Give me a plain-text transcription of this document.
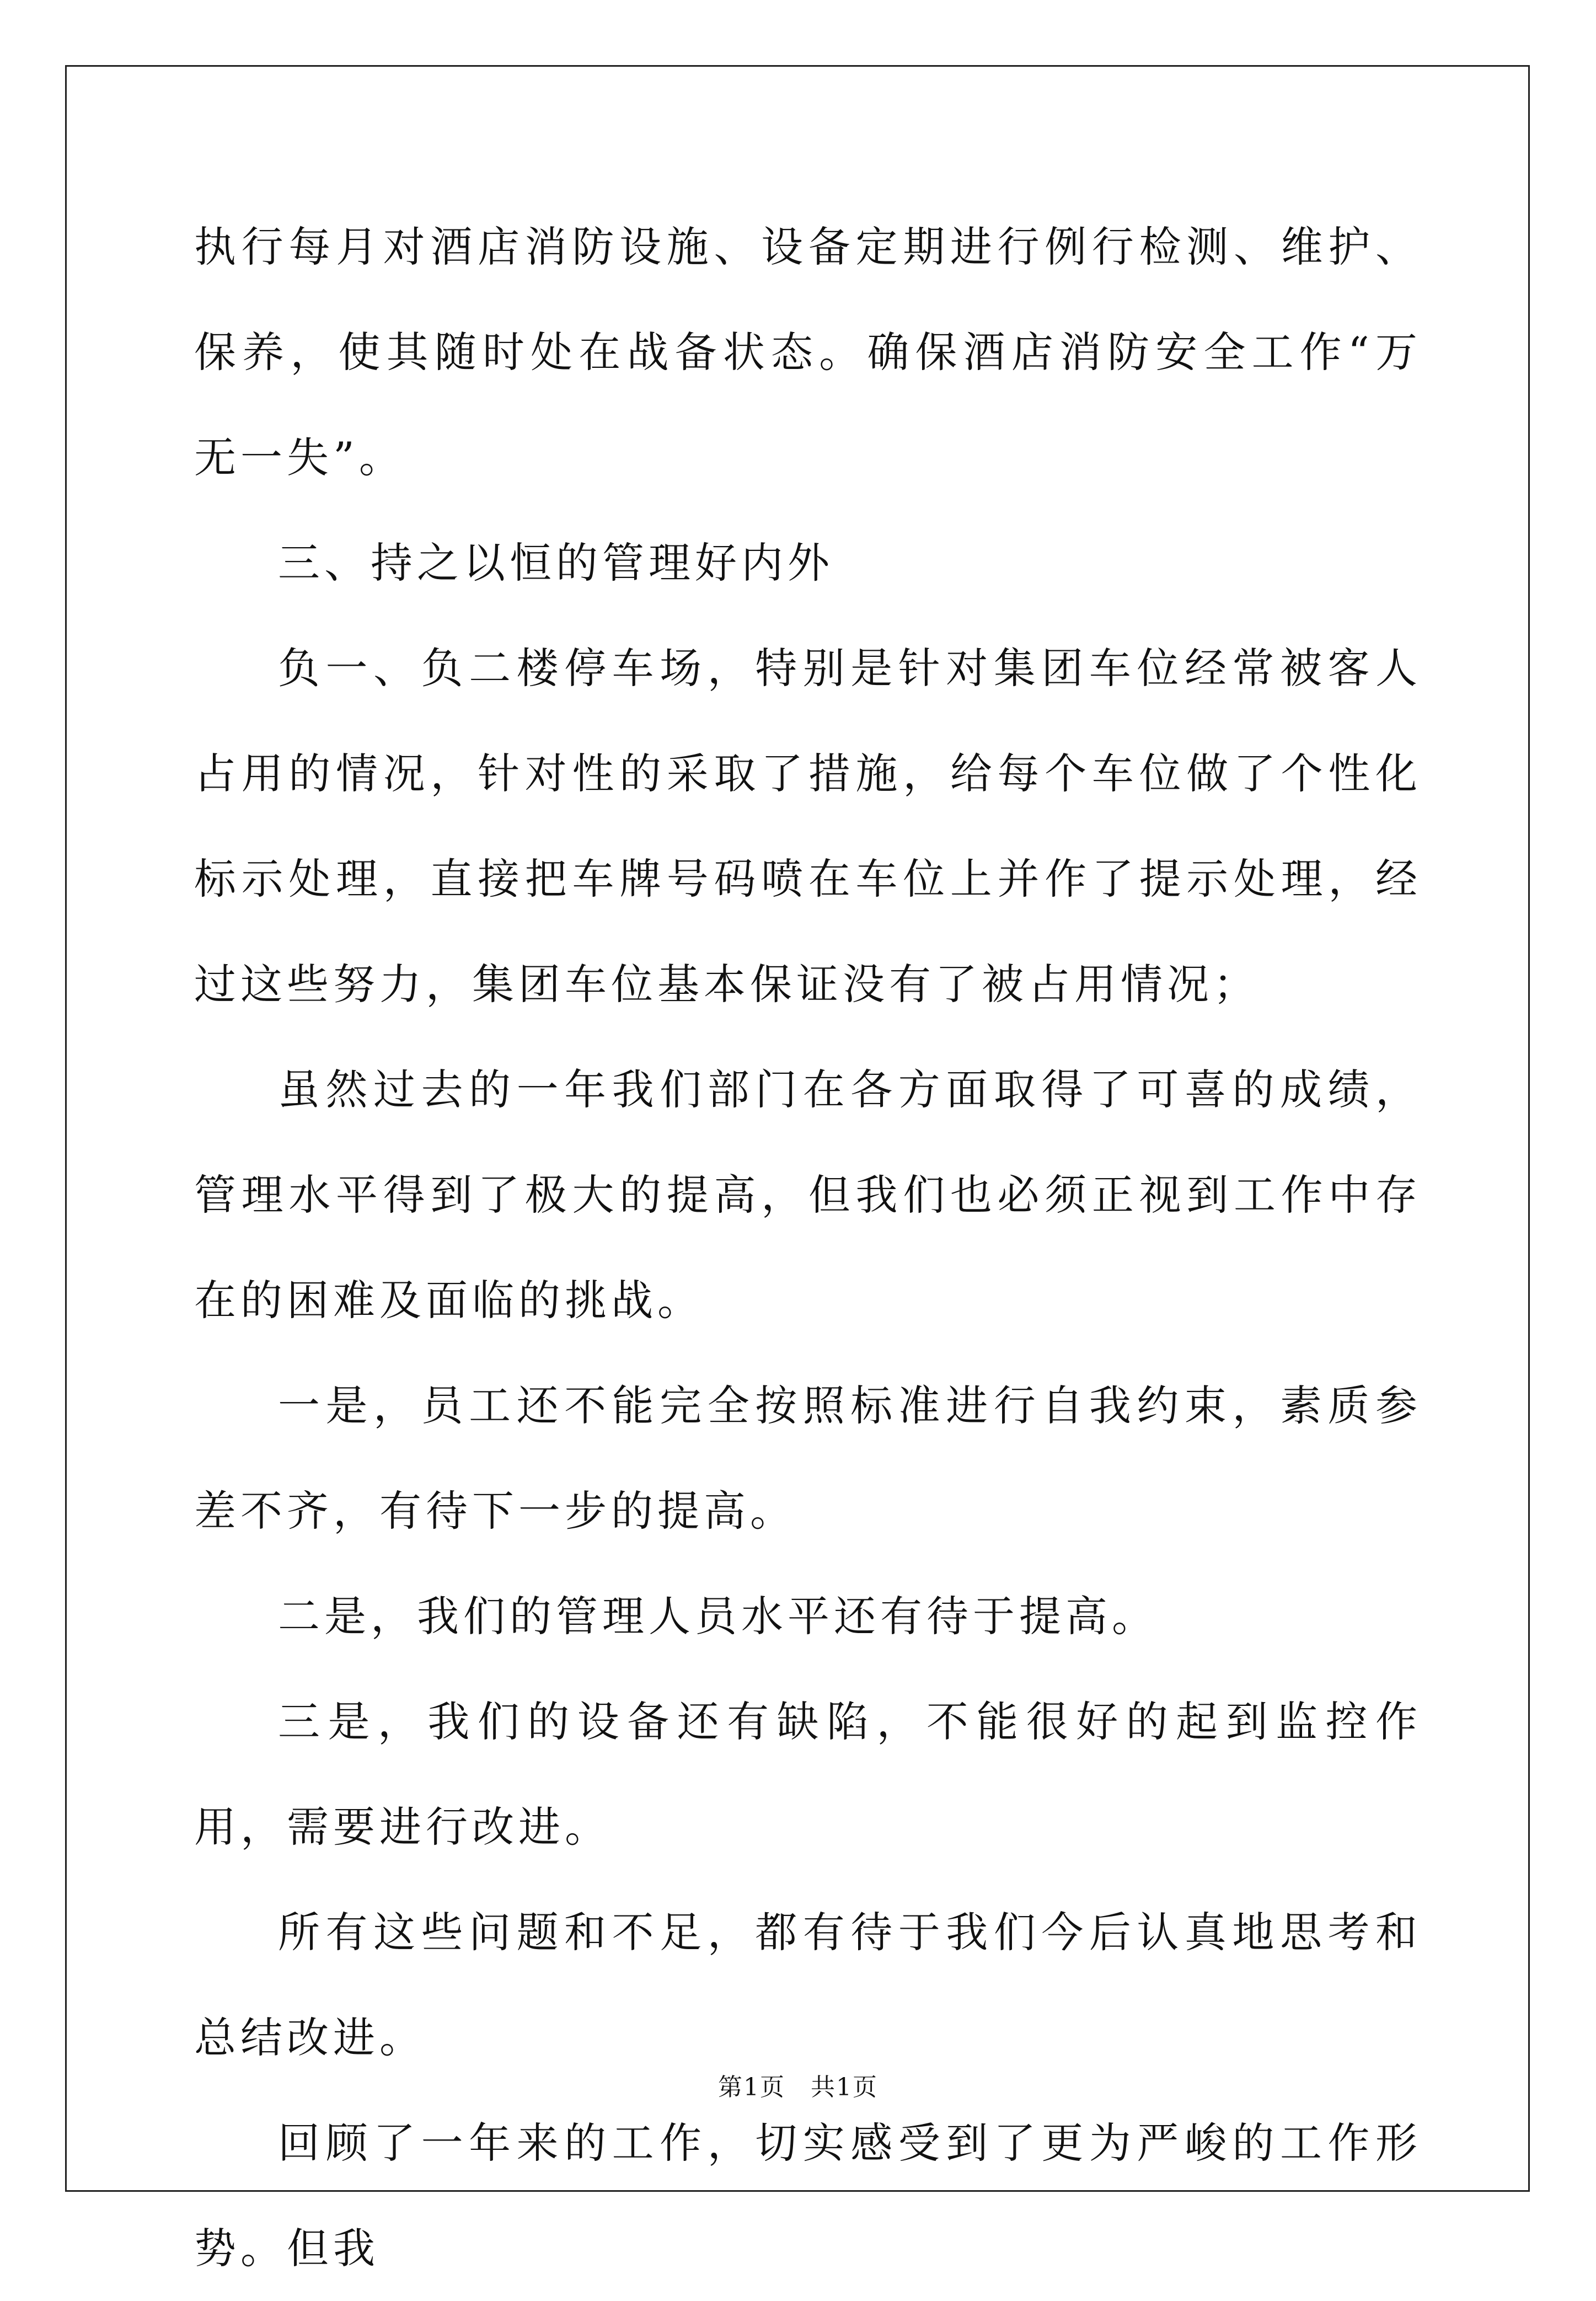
执行每月对酒店消防设施、设备定期进行例行检测、维护、保养，使其随时处在战备状态。确保酒店消防安全工作“万无一失”。

三、持之以恒的管理好内外

负一、负二楼停车场，特别是针对集团车位经常被客人占用的情况，针对性的采取了措施，给每个车位做了个性化标示处理，直接把车牌号码喷在车位上并作了提示处理，经过这些努力，集团车位基本保证没有了被占用情况；

虽然过去的一年我们部门在各方面取得了可喜的成绩，管理水平得到了极大的提高，但我们也必须正视到工作中存在的困难及面临的挑战。

一是，员工还不能完全按照标准进行自我约束，素质参差不齐，有待下一步的提高。

二是，我们的管理人员水平还有待于提高。

三是，我们的设备还有缺陷，不能很好的起到监控作用，需要进行改进。

所有这些问题和不足，都有待于我们今后认真地思考和总结改进。

回顾了一年来的工作，切实感受到了更为严峻的工作形势。但我

第1页　共1页
